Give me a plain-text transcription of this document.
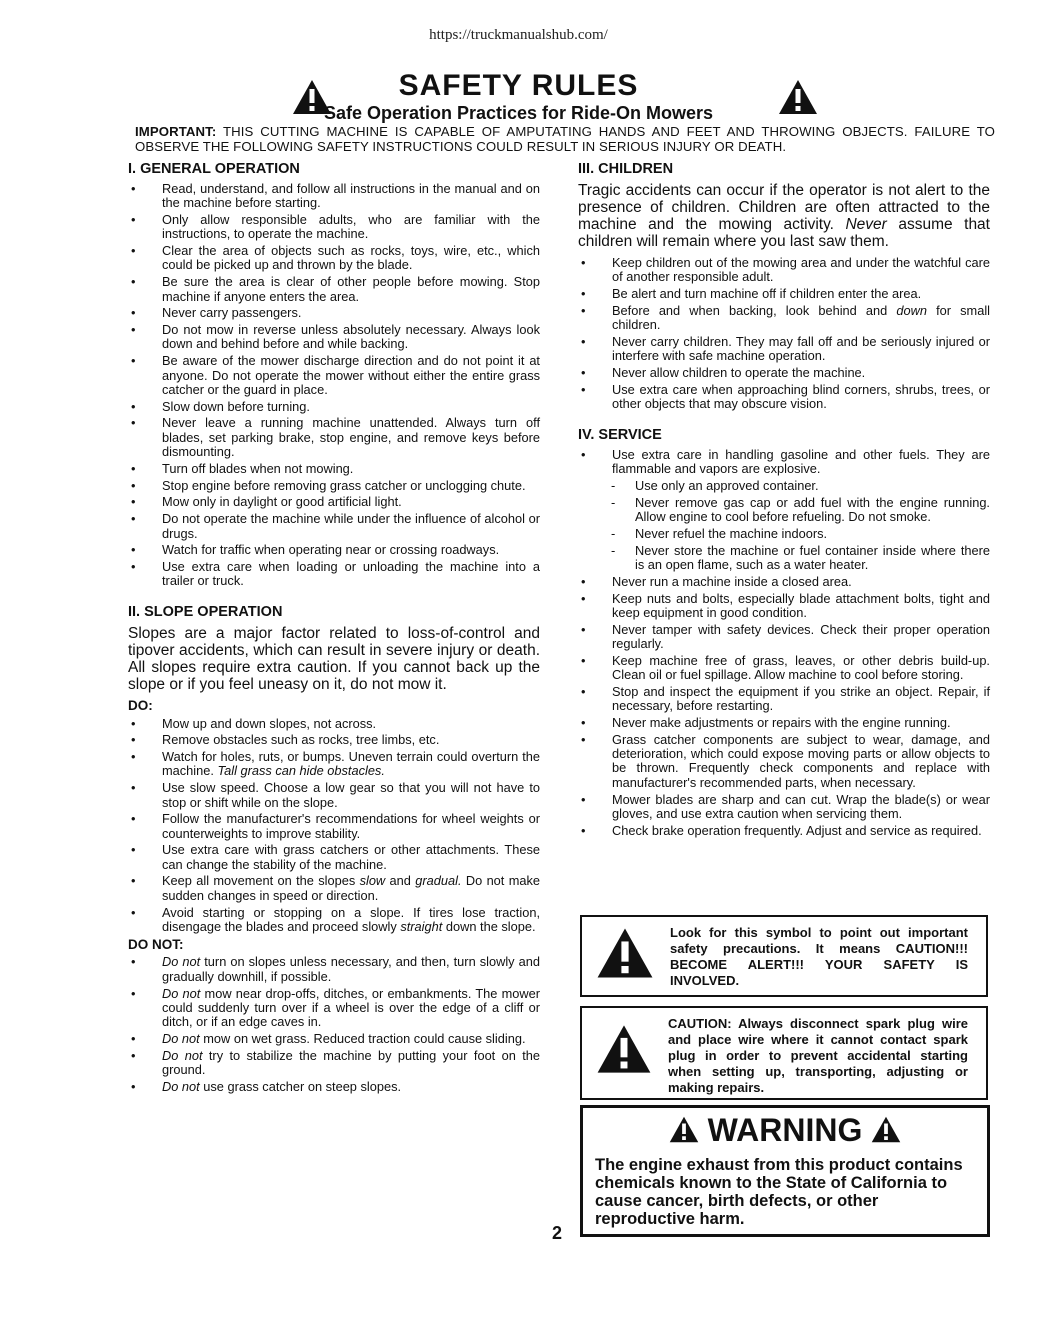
https://truckmanualshub.com/
SAFETY RULES
Safe Operation Practices for Ride-On Mowers
IMPORTANT: THIS CUTTING MACHINE IS CAPABLE OF AMPUTATING HANDS AND FEET AND THROWING OBJECTS. FAILURE TO OBSERVE THE FOLLOWING SAFETY INSTRUCTIONS COULD RESULT IN SERIOUS INJURY OR DEATH.
I. GENERAL OPERATION
• Read, understand, and follow all instructions in the manual and on the machine before starting.
• Only allow responsible adults, who are familiar with the instructions, to operate the machine.
• Clear the area of objects such as rocks, toys, wire, etc., which could be picked up and thrown by the blade.
• Be sure the area is clear of other people before mowing. Stop machine if anyone enters the area.
• Never carry passengers.
• Do not mow in reverse unless absolutely necessary. Always look down and behind before and while backing.
• Be aware of the mower discharge direction and do not point it at anyone. Do not operate the mower without either the entire grass catcher or the guard in place.
• Slow down before turning.
• Never leave a running machine unattended. Always turn off blades, set parking brake, stop engine, and remove keys before dismounting.
• Turn off blades when not mowing.
• Stop engine before removing grass catcher or unclogging chute.
• Mow only in daylight or good artificial light.
• Do not operate the machine while under the influence of alcohol or drugs.
• Watch for traffic when operating near or crossing roadways.
• Use extra care when loading or unloading the machine into a trailer or truck.
II. SLOPE OPERATION
Slopes are a major factor related to loss-of-control and tipover accidents, which can result in severe injury or death. All slopes require extra caution. If you cannot back up the slope or if you feel uneasy on it, do not mow it.
DO:
• Mow up and down slopes, not across.
• Remove obstacles such as rocks, tree limbs, etc.
• Watch for holes, ruts, or bumps. Uneven terrain could overturn the machine. Tall grass can hide obstacles.
• Use slow speed. Choose a low gear so that you will not have to stop or shift while on the slope.
• Follow the manufacturer's recommendations for wheel weights or counterweights to improve stability.
• Use extra care with grass catchers or other attachments. These can change the stability of the machine.
• Keep all movement on the slopes slow and gradual. Do not make sudden changes in speed or direction.
• Avoid starting or stopping on a slope. If tires lose traction, disengage the blades and proceed slowly straight down the slope.
DO NOT:
• Do not turn on slopes unless necessary, and then, turn slowly and gradually downhill, if possible.
• Do not mow near drop-offs, ditches, or embankments. The mower could suddenly turn over if a wheel is over the edge of a cliff or ditch, or if an edge caves in.
• Do not mow on wet grass. Reduced traction could cause sliding.
• Do not try to stabilize the machine by putting your foot on the ground.
• Do not use grass catcher on steep slopes.
III. CHILDREN
Tragic accidents can occur if the operator is not alert to the presence of children. Children are often attracted to the machine and the mowing activity. Never assume that children will remain where you last saw them.
• Keep children out of the mowing area and under the watchful care of another responsible adult.
• Be alert and turn machine off if children enter the area.
• Before and when backing, look behind and down for small children.
• Never carry children. They may fall off and be seriously injured or interfere with safe machine operation.
• Never allow children to operate the machine.
• Use extra care when approaching blind corners, shrubs, trees, or other objects that may obscure vision.
IV. SERVICE
• Use extra care in handling gasoline and other fuels. They are flammable and vapors are explosive.
- Use only an approved container.
- Never remove gas cap or add fuel with the engine running. Allow engine to cool before refueling. Do not smoke.
- Never refuel the machine indoors.
- Never store the machine or fuel container inside where there is an open flame, such as a water heater.
• Never run a machine inside a closed area.
• Keep nuts and bolts, especially blade attachment bolts, tight and keep equipment in good condition.
• Never tamper with safety devices. Check their proper operation regularly.
• Keep machine free of grass, leaves, or other debris build-up. Clean oil or fuel spillage. Allow machine to cool before storing.
• Stop and inspect the equipment if you strike an object. Repair, if necessary, before restarting.
• Never make adjustments or repairs with the engine running.
• Grass catcher components are subject to wear, damage, and deterioration, which could expose moving parts or allow objects to be thrown. Frequently check components and replace with manufacturer's recommended parts, when necessary.
• Mower blades are sharp and can cut. Wrap the blade(s) or wear gloves, and use extra caution when servicing them.
• Check brake operation frequently. Adjust and service as required.
Look for this symbol to point out important safety precautions. It means CAUTION!!! BECOME ALERT!!! YOUR SAFETY IS INVOLVED.
CAUTION: Always disconnect spark plug wire and place wire where it cannot contact spark plug in order to prevent accidental starting when setting up, transporting, adjusting or making repairs.
WARNING
The engine exhaust from this product contains chemicals known to the State of California to cause cancer, birth defects, or other reproductive harm.
2
